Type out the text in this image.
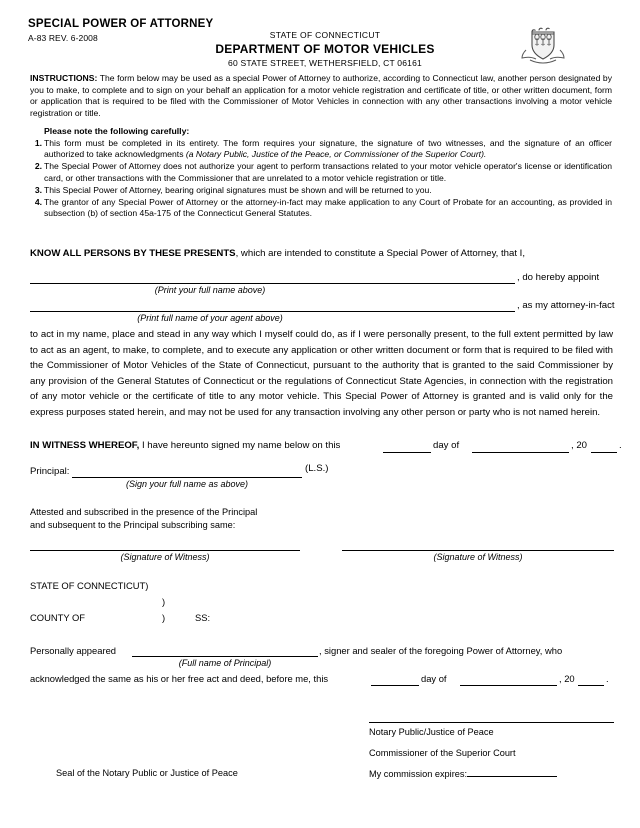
SPECIAL POWER OF ATTORNEY
A-83 REV. 6-2008	STATE OF CONNECTICUT
DEPARTMENT OF MOTOR VEHICLES
60 STATE STREET, WETHERSFIELD, CT 06161
INSTRUCTIONS: The form below may be used as a special Power of Attorney to authorize, according to Connecticut law, another person designated by you to make, to complete and to sign on your behalf an application for a motor vehicle registration and certificate of title, or other written document, form or application that is required to be filed with the Commissioner of Motor Vehicles in connection with any other transactions involving a motor vehicle registration or title.
Please note the following carefully:
1. This form must be completed in its entirety. The form requires your signature, the signature of two witnesses, and the signature of an officer authorized to take acknowledgments (a Notary Public, Justice of the Peace, or Commissioner of the Superior Court).
2. The Special Power of Attorney does not authorize your agent to perform transactions related to your motor vehicle operator's license or identification card, or other transactions with the Commissioner that are unrelated to a motor vehicle registration or title.
3. This Special Power of Attorney, bearing original signatures must be shown and will be returned to you.
4. The grantor of any Special Power of Attorney or the attorney-in-fact may make application to any Court of Probate for an accounting, as provided in subsection (b) of section 45a-175 of the Connecticut General Statutes.
KNOW ALL PERSONS BY THESE PRESENTS, which are intended to constitute a Special Power of Attorney, that I,
, do hereby appoint
(Print your full name above)
, as my attorney-in-fact
(Print full name of your agent above)
to act in my name, place and stead in any way which I myself could do, as if I were personally present, to the full extent permitted by law to act as an agent, to make, to complete, and to execute any application or other written document or form that is required to be filed with the Commissioner of Motor Vehicles of the State of Connecticut, pursuant to the authority that is granted to the said Commissioner by any provision of the General Statutes of Connecticut or the regulations of Connecticut State Agencies, in connection with the registration of any motor vehicle or the certificate of title to any motor vehicle. This Special Power of Attorney is granted and is valid only for the express purposes stated herein, and may not be used for any transaction involving any other person or party who is not named herein.
IN WITNESS WHEREOF, I have hereunto signed my name below on this	day of	, 20	.
Principal:	(L.S.)
(Sign your full name as above)
Attested and subscribed in the presence of the Principal
and subsequent to the Principal subscribing same:
(Signature of Witness)	(Signature of Witness)
STATE OF CONNECTICUT)
)
COUNTY OF	)	SS:
Personally appeared	, signer and sealer of the foregoing Power of Attorney, who
(Full name of Principal)
acknowledged the same as his or her free act and deed, before me, this	day of	, 20	.
Notary Public/Justice of Peace
Commissioner of the Superior Court
My commission expires:
Seal of the Notary Public or Justice of Peace
